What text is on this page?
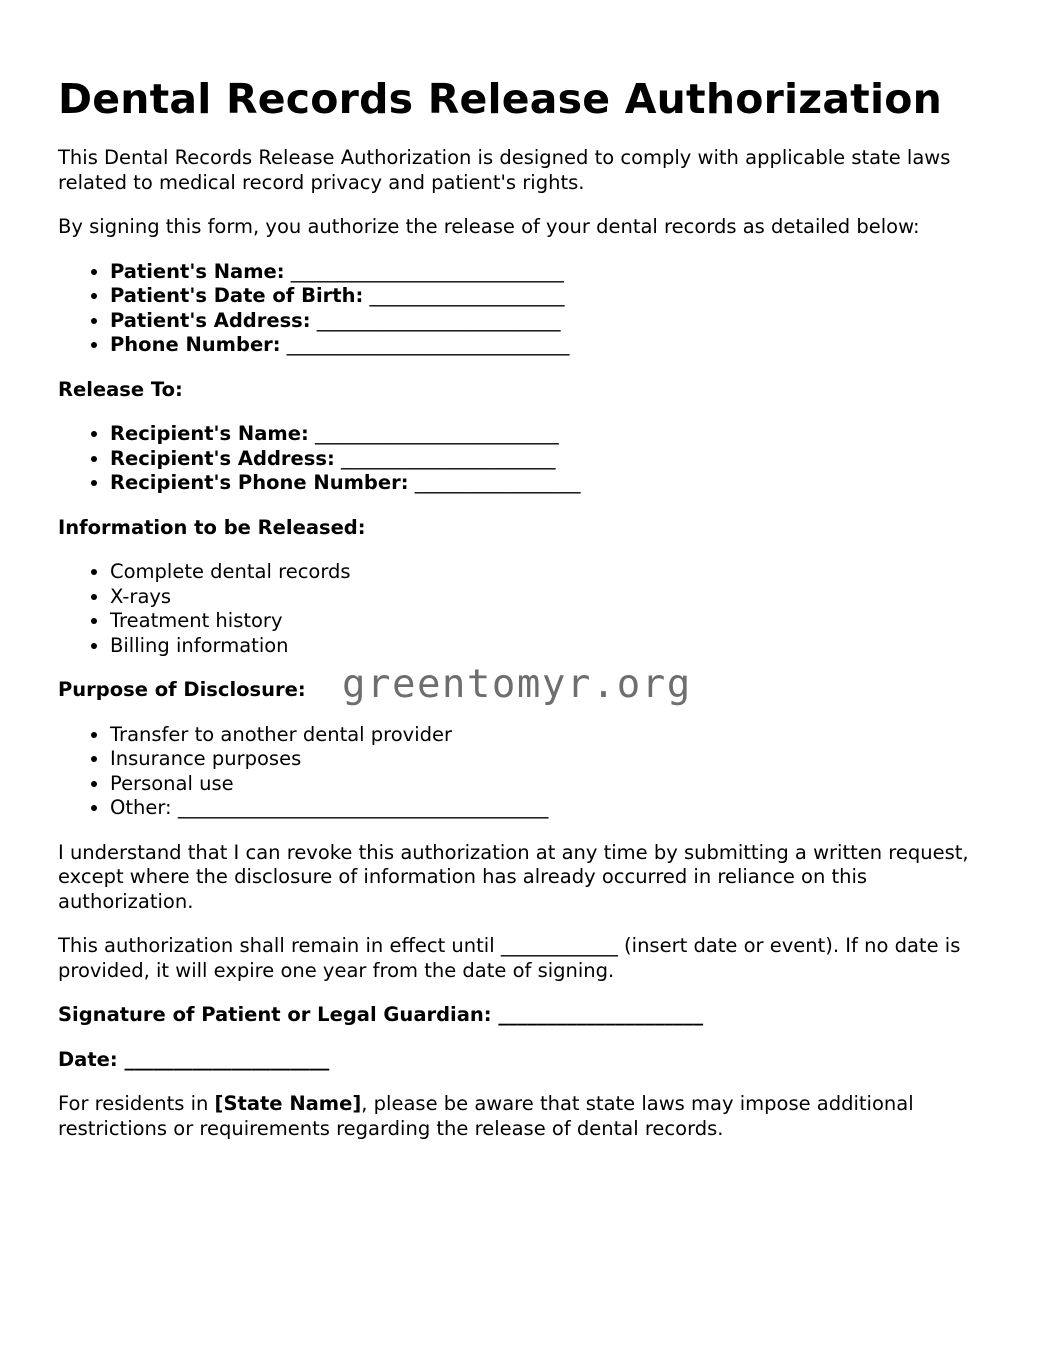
Dental Records Release Authorization

This Dental Records Release Authorization is designed to comply with applicable state laws related to medical record privacy and patient's rights.

By signing this form, you authorize the release of your dental records as detailed below:

• Patient's Name: ____________________________
• Patient's Date of Birth: ____________________
• Patient's Address: _________________________
• Phone Number: _____________________________

Release To:

• Recipient's Name: _________________________
• Recipient's Address: ______________________
• Recipient's Phone Number: _________________

Information to be Released:

• Complete dental records
• X-rays
• Treatment history
• Billing information

Purpose of Disclosure:

• Transfer to another dental provider
• Insurance purposes
• Personal use
• Other: ______________________________________

I understand that I can revoke this authorization at any time by submitting a written request, except where the disclosure of information has already occurred in reliance on this authorization.

This authorization shall remain in effect until ____________ (insert date or event). If no date is provided, it will expire one year from the date of signing.

Signature of Patient or Legal Guardian: _____________________

Date: _____________________

For residents in [State Name], please be aware that state laws may impose additional restrictions or requirements regarding the release of dental records.

greentomyr.org
